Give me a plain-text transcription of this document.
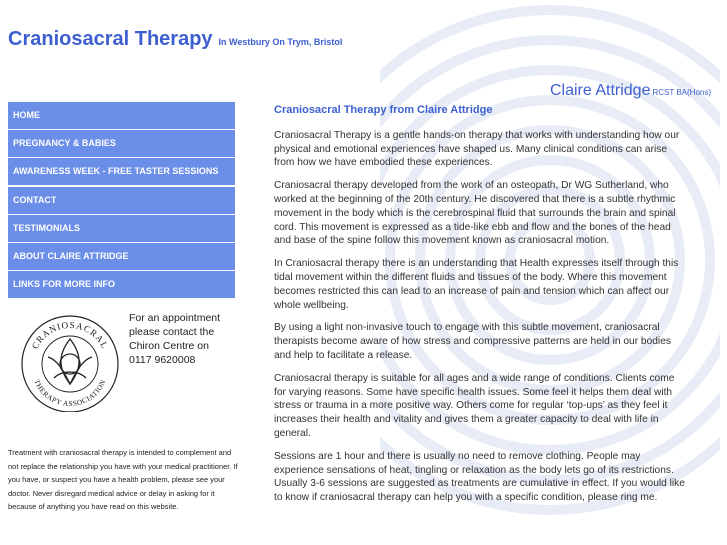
Craniosacral Therapy In Westbury On Trym, Bristol
Claire Attridge RCST BA(Hons)
HOME
PREGNANCY & BABIES
AWARENESS WEEK - FREE TASTER SESSIONS
CONTACT
TESTIMONIALS
ABOUT CLAIRE ATTRIDGE
LINKS FOR MORE INFO
CRANIOSACRAL
THERAPY ASSOCIATION
For an appointment
please contact the
Chiron Centre on
0117 9620008
Treatment with craniosacral therapy is intended to complement and not replace the relationship you have with your medical practitioner. If you have, or suspect you have a health problem, please see your doctor. Never disregard medical advice or delay in asking for it because of anything you have read on this website.
Craniosacral Therapy from Claire Attridge

Craniosacral Therapy is a gentle hands-on therapy that works with understanding how our physical and emotional experiences have shaped us. Many clinical conditions can arise from how we have embodied these experiences.

Craniosacral therapy developed from the work of an osteopath, Dr WG Sutherland, who worked at the beginning of the 20th century. He discovered that there is a subtle rhythmic movement in the body which is the cerebrospinal fluid that surrounds the brain and spinal cord. This movement is expressed as a tide-like ebb and flow and the bones of the head and base of the spine follow this movement known as craniosacral motion.

In Craniosacral therapy there is an understanding that Health expresses itself through this tidal movement within the different fluids and tissues of the body. Where this movement becomes restricted this can lead to an increase of pain and tension which can affect our whole wellbeing.

By using a light non-invasive touch to engage with this subtle movement, craniosacral therapists become aware of how stress and compressive patterns are held in our bodies and help to facilitate a release.

Craniosacral therapy is suitable for all ages and a wide range of conditions. Clients come for varying reasons. Some have specific health issues. Some feel it helps them deal with stress or trauma in a more positive way. Others come for regular ‘top-ups’ as they feel it increases their health and vitality and gives them a greater capacity to deal with life in general.

Sessions are 1 hour and there is usually no need to remove clothing. People may experience sensations of heat, tingling or relaxation as the body lets go of its restrictions. Usually 3-6 sessions are suggested as treatments are cumulative in effect. If you would like to know if craniosacral therapy can help you with a specific condition, please ring me.
